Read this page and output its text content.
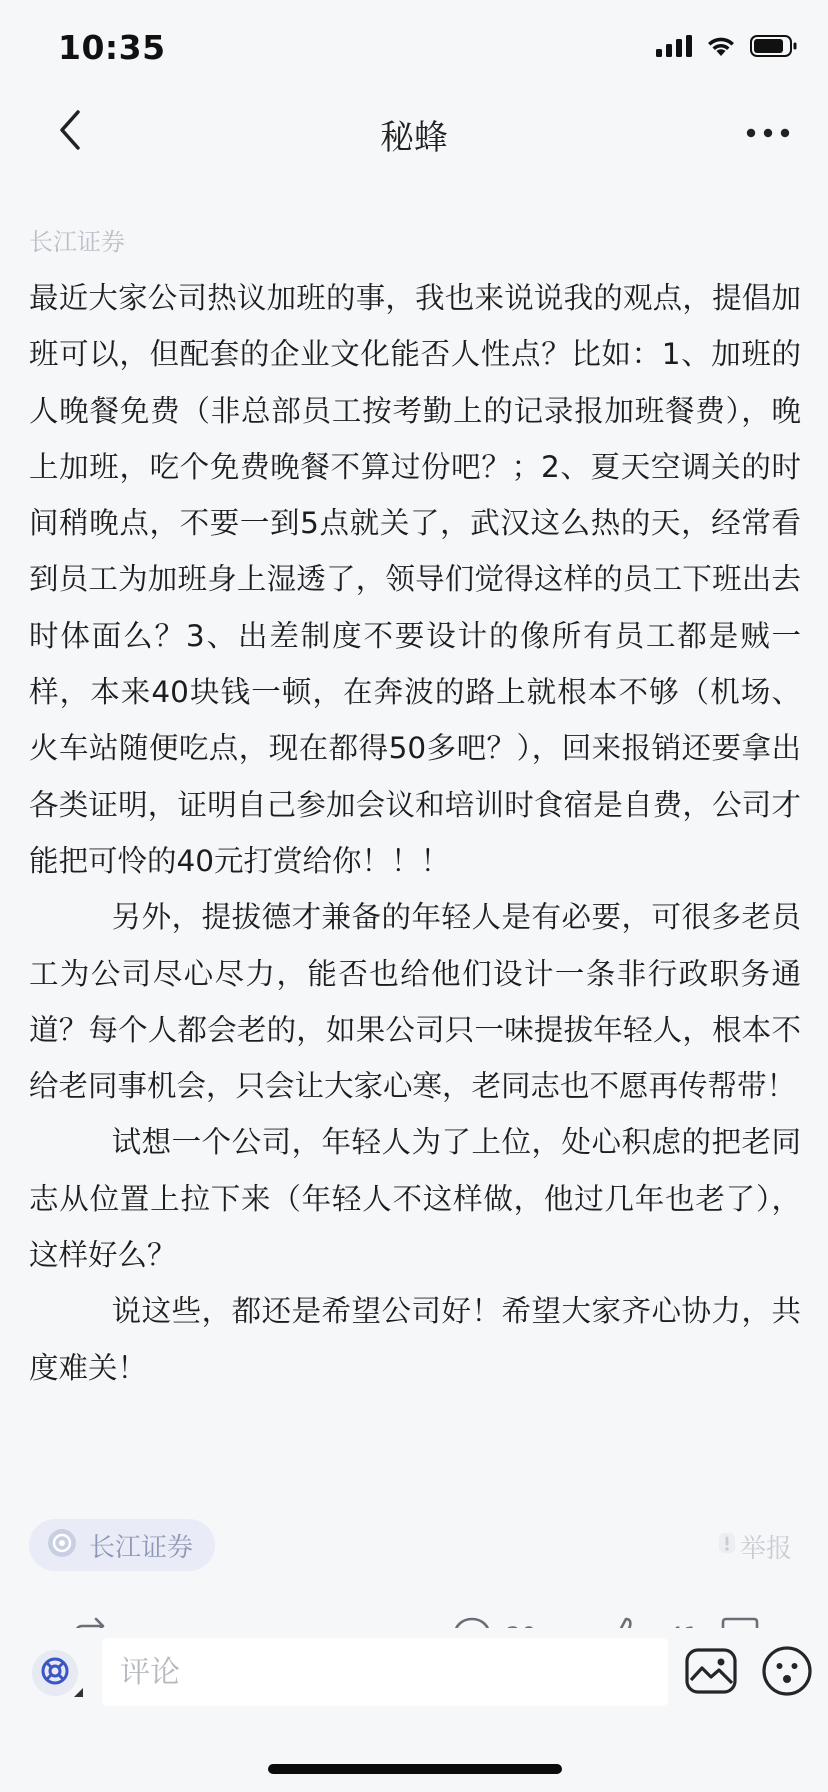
10:35
秘蜂
长江证券

最近大家公司热议加班的事，我也来说说我的观点，提倡加班可以，但配套的企业文化能否人性点？比如：1、加班的人晚餐免费（非总部员工按考勤上的记录报加班餐费），晚上加班，吃个免费晚餐不算过份吧？；2、夏天空调关的时间稍晚点，不要一到5点就关了，武汉这么热的天，经常看到员工为加班身上湿透了，领导们觉得这样的员工下班出去时体面么？3、出差制度不要设计的像所有员工都是贼一样，本来40块钱一顿，在奔波的路上就根本不够（机场、火车站随便吃点，现在都得50多吧？），回来报销还要拿出各类证明，证明自己参加会议和培训时食宿是自费，公司才能把可怜的40元打赏给你！！！

另外，提拔德才兼备的年轻人是有必要，可很多老员工为公司尽心尽力，能否也给他们设计一条非行政职务通道？每个人都会老的，如果公司只一味提拔年轻人，根本不给老同事机会，只会让大家心寒，老同志也不愿再传帮带！

试想一个公司，年轻人为了上位，处心积虑的把老同志从位置上拉下来（年轻人不这样做，他过几年也老了），这样好么？

说这些，都还是希望公司好！希望大家齐心协力，共度难关！

长江证券	举报
评论
